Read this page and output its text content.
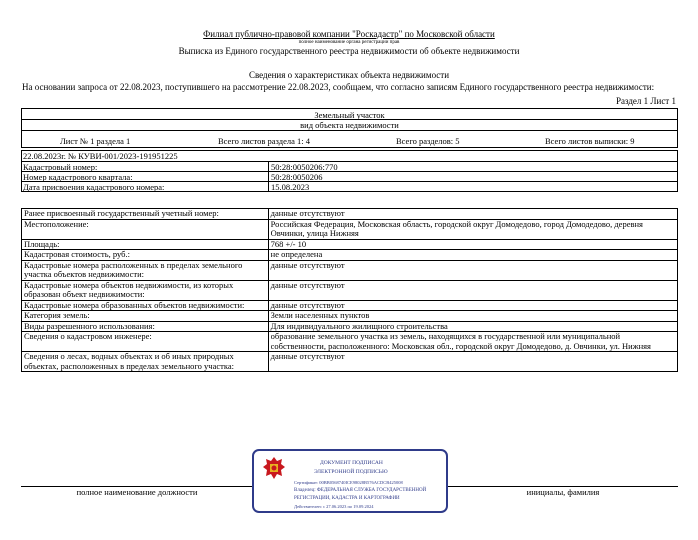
Филиал публично-правовой компании "Роскадастр" по Московской области
полное наименование органа регистрации прав
Выписка из Единого государственного реестра недвижимости об объекте недвижимости
Сведения о характеристиках объекта недвижимости
На основании запроса от 22.08.2023, поступившего на рассмотрение 22.08.2023, сообщаем, что согласно записям Единого государственного реестра недвижимости:
Раздел 1 Лист 1
Земельный участок
вид объекта недвижимости
Лист № 1 раздела 1	Всего листов раздела 1: 4	Всего разделов: 5	Всего листов выписки: 9
22.08.2023г. № КУВИ-001/2023-191951225
Кадастровый номер:	50:28:0050206:770
Номер кадастрового квартала:	50:28:0050206
Дата присвоения кадастрового номера:	15.08.2023
Ранее присвоенный государственный учетный номер:	данные отсутствуют
Местоположение:	Российская Федерация, Московская область, городской округ Домодедово, город Домодедово, деревня Овчинки, улица Нижняя
Площадь:	768 +/- 10
Кадастровая стоимость, руб.:	не определена
Кадастровые номера расположенных в пределах земельного участка объектов недвижимости:	данные отсутствуют
Кадастровые номера объектов недвижимости, из которых образован объект недвижимости:	данные отсутствуют
Кадастровые номера образованных объектов недвижимости:	данные отсутствуют
Категория земель:	Земли населенных пунктов
Виды разрешенного использования:	Для индивидуального жилищного строительства
Сведения о кадастровом инженере:	образование земельного участка из земель, находящихся в государственной или муниципальной собственности, расположенного: Московская обл., городской округ Домодедово, д. Овчинки, ул. Нижняя
Сведения о лесах, водных объектах и об иных природных объектах, расположенных в пределах земельного участка:	данные отсутствуют
полное наименование должности	инициалы, фамилия
ДОКУМЕНТ ПОДПИСАН
ЭЛЕКТРОННОЙ ПОДПИСЬЮ
Сертификат: 00BB0568740ICE98028B576ACDCB425008
Владелец: ФЕДЕРАЛЬНАЯ СЛУЖБА ГОСУДАРСТВЕННОЙ
РЕГИСТРАЦИИ, КАДАСТРА И КАРТОГРАФИИ
Действителен: с 27.06.2023 по 19.09.2024
